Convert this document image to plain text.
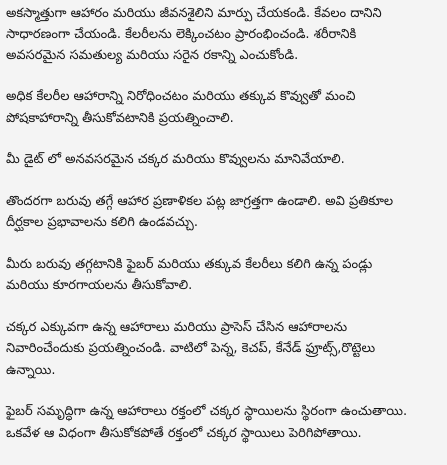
అకస్మాత్తుగా ఆహారం మరియు జీవనశైలిని మార్పు చేయకండి. కేవలం దానిని
సాధారణంగా చేయండి. కేలరీలను లెక్కించటం ప్రారంభించండి. శరీరానికి
అవసరమైన సమతుల్య మరియు సరైన రకాన్ని ఎంచుకోండి.

అధిక కేలరీల ఆహారాన్ని నిరోధించటం మరియు తక్కువ కొవ్వుతో మంచి
పోషకాహారాన్ని తీసుకోవటానికి ప్రయత్నించాలి.

మీ డైట్ లో అనవసరమైన చక్కర మరియు కొవ్వులను మానివేయాలి.

తొందరగా బరువు తగ్గే ఆహార ప్రణాళికల పట్ల జాగ్రత్తగా ఉండాలి. అవి ప్రతికూల
దీర్ఘకాల ప్రభావాలను కలిగి ఉండవచ్చు.

మీరు బరువు తగ్గటానికి ఫైబర్ మరియు తక్కువ కేలరీలు కలిగి ఉన్న పండ్లు
మరియు కూరగాయలను తీసుకోవాలి.

చక్కర ఎక్కువగా ఉన్న ఆహారాలు మరియు ప్రాసెస్ చేసిన ఆహారాలను
నివారించేందుకు ప్రయత్నించండి. వాటిలో పెన్న, కెచప్, కేనేడ్ ఫ్రూట్స్,రొట్టెలు
ఉన్నాయి.

ఫైబర్ సమృద్ధిగా ఉన్న ఆహారాలు రక్తంలో చక్కర స్థాయిలను స్థిరంగా ఉంచుతాయి.
ఒకవేళ ఆ విధంగా తీసుకోకపోతే రక్తంలో చక్కర స్థాయిలు పెరిగిపోతాయి.
